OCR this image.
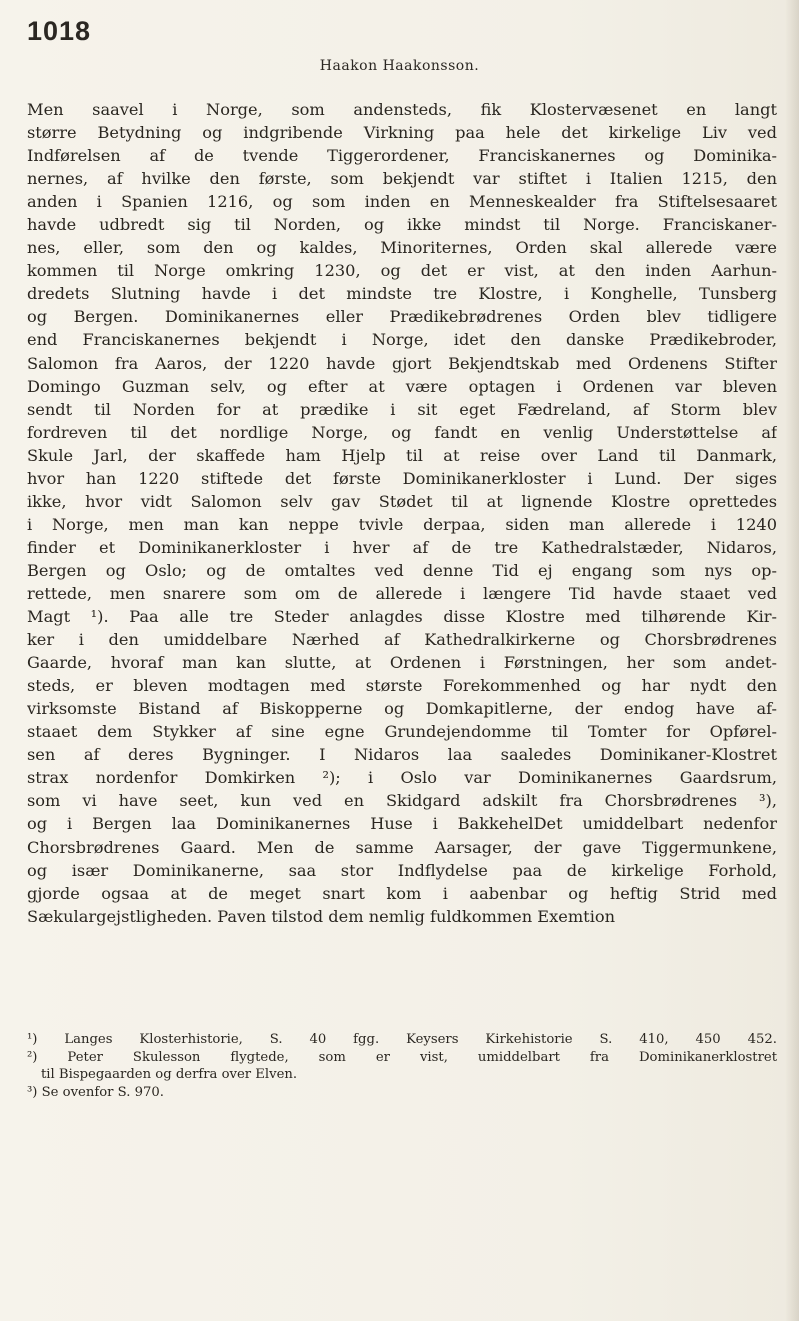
1018
Haakon Haakonsson.
Men saavel i Norge, som andensteds, fik Klostervæsenet en langt
større Betydning og indgribende Virkning paa hele det kirkelige Liv ved
Indførelsen af de tvende Tiggerordener, Franciskanernes og Dominika-
nernes, af hvilke den første, som bekjendt var stiftet i Italien 1215, den
anden i Spanien 1216, og som inden en Menneskealder fra Stiftelsesaaret
havde udbredt sig til Norden, og ikke mindst til Norge. Franciskaner-
nes, eller, som den og kaldes, Minoriternes, Orden skal allerede være
kommen til Norge omkring 1230, og det er vist, at den inden Aarhun-
dredets Slutning havde i det mindste tre Klostre, i Konghelle, Tunsberg
og Bergen. Dominikanernes eller Prædikebrødrenes Orden blev tidligere
end Franciskanernes bekjendt i Norge, idet den danske Prædikebroder,
Salomon fra Aaros, der 1220 havde gjort Bekjendtskab med Ordenens Stifter
Domingo Guzman selv, og efter at være optagen i Ordenen var bleven
sendt til Norden for at prædike i sit eget Fædreland, af Storm blev
fordreven til det nordlige Norge, og fandt en venlig Understøttelse af
Skule Jarl, der skaffede ham Hjelp til at reise over Land til Danmark,
hvor han 1220 stiftede det første Dominikanerkloster i Lund. Der siges
ikke, hvor vidt Salomon selv gav Stødet til at lignende Klostre oprettedes
i Norge, men man kan neppe tvivle derpaa, siden man allerede i 1240
finder et Dominikanerkloster i hver af de tre Kathedralstæder, Nidaros,
Bergen og Oslo; og de omtaltes ved denne Tid ej engang som nys op-
rettede, men snarere som om de allerede i længere Tid havde staaet ved
Magt ¹). Paa alle tre Steder anlagdes disse Klostre med tilhørende Kir-
ker i den umiddelbare Nærhed af Kathedralkirkerne og Chorsbrødrenes
Gaarde, hvoraf man kan slutte, at Ordenen i Førstningen, her som andet-
steds, er bleven modtagen med største Forekommenhed og har nydt den
virksomste Bistand af Biskopperne og Domkapitlerne, der endog have af-
staaet dem Stykker af sine egne Grundejendomme til Tomter for Opførel-
sen af deres Bygninger. I Nidaros laa saaledes Dominikaner-Klostret
strax nordenfor Domkirken ²); i Oslo var Dominikanernes Gaardsrum,
som vi have seet, kun ved en Skidgard adskilt fra Chorsbrødrenes ³),
og i Bergen laa Dominikanernes Huse i BakkehelDet umiddelbart nedenfor
Chorsbrødrenes Gaard. Men de samme Aarsager, der gave Tiggermunkene,
og især Dominikanerne, saa stor Indflydelse paa de kirkelige Forhold,
gjorde ogsaa at de meget snart kom i aabenbar og heftig Strid med
Sækulargejstligheden. Paven tilstod dem nemlig fuldkommen Exemtion
¹) Langes Klosterhistorie, S. 40 fgg. Keysers Kirkehistorie S. 410, 450 452.
²) Peter Skulesson flygtede, som er vist, umiddelbart fra Dominikanerklostret
til Bispegaarden og derfra over Elven.
³) Se ovenfor S. 970.
